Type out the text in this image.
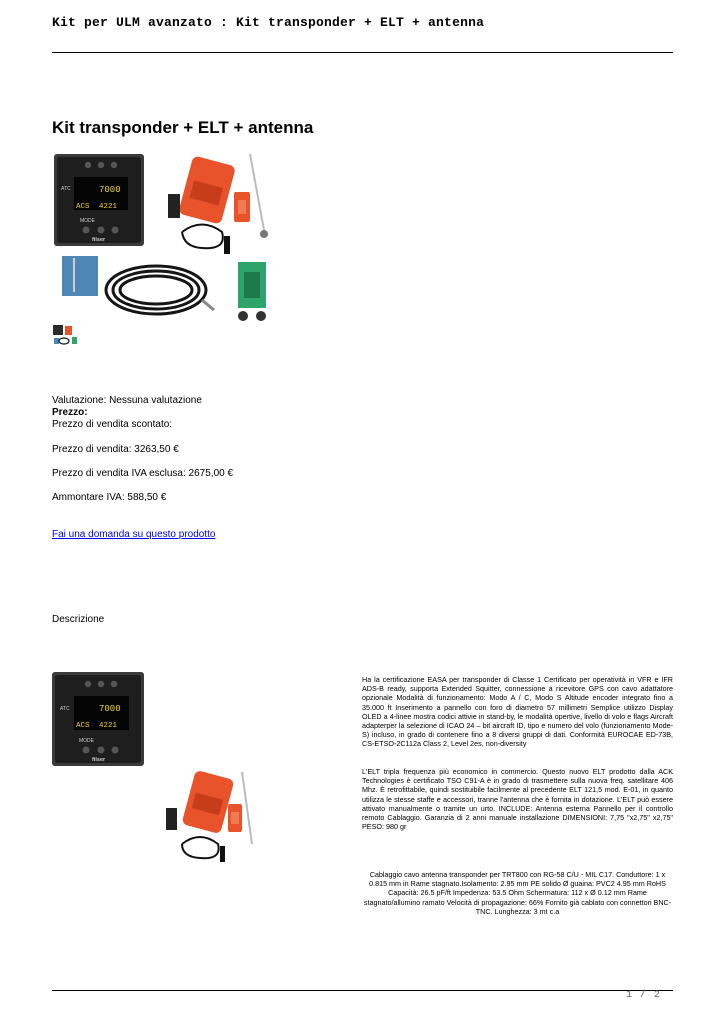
Kit per ULM avanzato : Kit transponder + ELT + antenna
Kit transponder + ELT + antenna
7000
ACS 4221
ATC
MODE
filser
Valutazione: Nessuna valutazione
Prezzo:
Prezzo di vendita scontato:
Prezzo di vendita: 3263,50 €
Prezzo di vendita IVA esclusa: 2675,00 €
Ammontare IVA: 588,50 €
Fai una domanda su questo prodotto
Descrizione
7000
ACS 4221
ATC
MODE
filser
Ha la certificazione EASA per transponder di Classe 1 Certificato per operatività in VFR e IFR ADS-B ready, supporta Extended Squitter, connessione a ricevitore GPS con cavo adattatore opzionale Modalità di funzionamento: Modo A / C, Modo S Altitude encoder integrato fino a 35.000 ft Inserimento a pannello con foro di diametro 57 millimetri Semplice utilizzo Display OLED a 4-linee mostra codici attivie in stand-by, le modalità opertive, livello di volo e flags Aircraft adapterper la selezione di ICAO 24 – bit aircraft ID, tipo e numero del volo (funzionamento Mode-S) incluso, in grado di contenere fino a 8 diversi gruppi di dati. Conformità EUROCAE ED-73B, CS-ETSO-2C112a Class 2, Level 2es, non-diversity
L'ELT tripla frequenza più economico in commercio. Questo nuovo ELT prodotto dalla ACK Technologies è certificato TSO C91-A è in grado di trasmettere sulla nuova freq. satellitare 406 Mhz. È retrofittabile, quindi sostituibile facilmente al precedente ELT 121,5 mod. E-01, in quanto utilizza le stesse staffe e accessori, tranne l'antenna che è fornita in dotazione. L'ELT può essere attivato manualmente o tramite un urto. INCLUDE: Antenna esterna Pannello per il controllo remoto Cablaggio. Garanzia di 2 anni manuale installazione DIMENSIONI: 7,75 "x2,75" x2,75" PESO: 980 gr
Cablaggio cavo antenna transponder per TRT800 con RG-58 C/U - MIL C17. Conduttore: 1 x 0.815 mm in Rame stagnato.Isolamento: 2.95 mm PE solido Ø guaina: PVC2 4.95 mm RoHS Capacità: 26.5 pF/ft Impedenza: 53.5 Ohm Schermatura: 112 x Ø 0.12 mm Rame stagnato/allumino ramato Velocità di propagazione: 66% Fornito già cablato con connettori BNC-TNC. Lunghezza: 3 mt c.a
1 / 2
